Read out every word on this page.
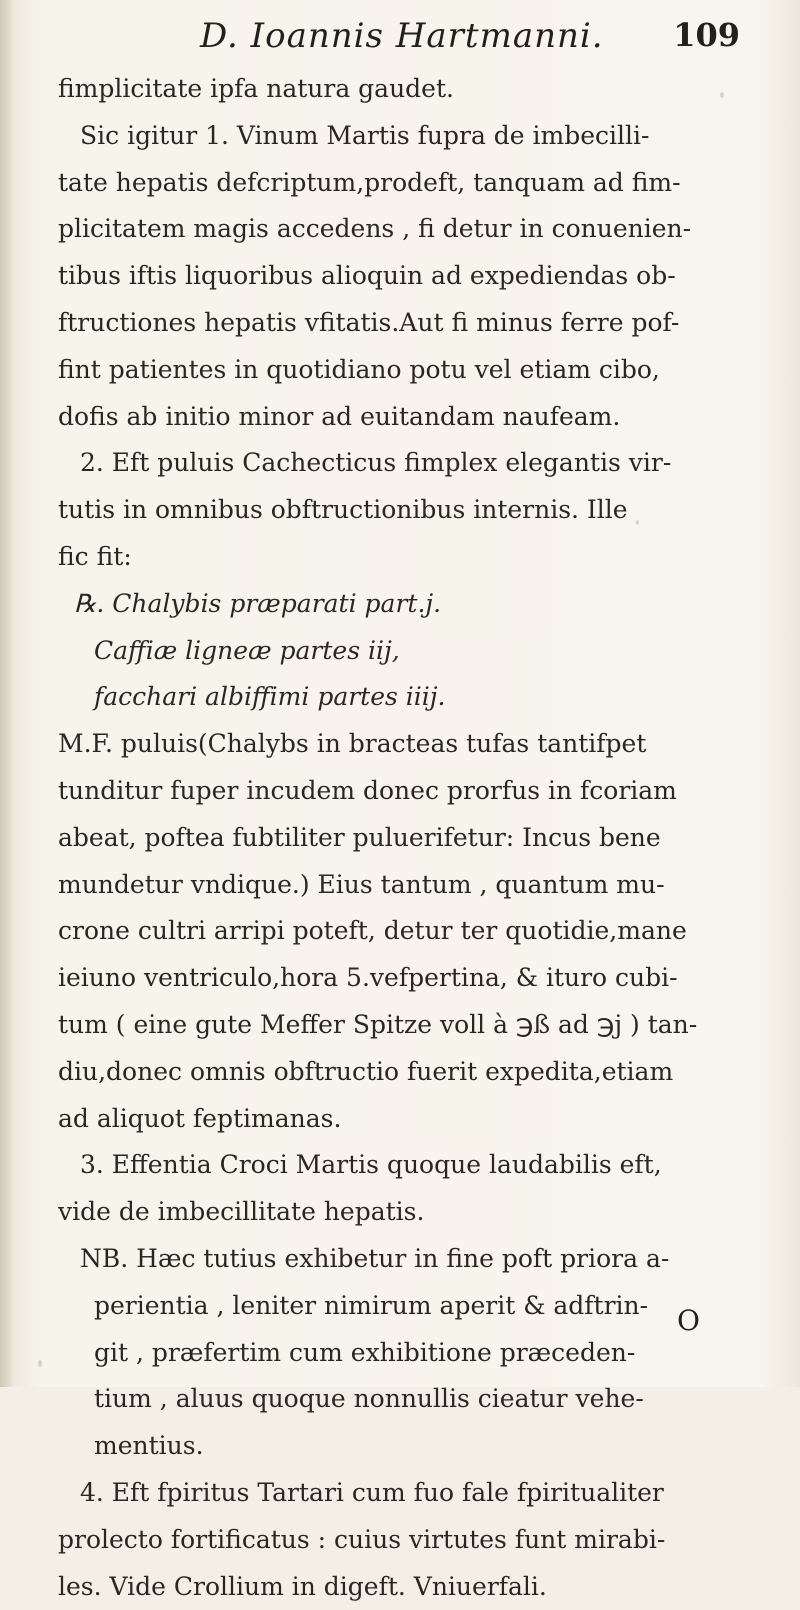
D. Ioannis Hartmanni. 109
fimplicitate ipfa natura gaudet.
Sic igitur 1. Vinum Martis fupra de imbecilli-
tate hepatis defcriptum,prodeft, tanquam ad fim-
plicitatem magis accedens , fi detur in conuenien-
tibus iftis liquoribus alioquin ad expediendas ob-
ftructiones hepatis vfitatis.Aut fi minus ferre pof-
fint patientes in quotidiano potu vel etiam cibo,
dofis ab initio minor ad euitandam naufeam.
2. Eft puluis Cachecticus fimplex elegantis vir-
tutis in omnibus obftructionibus internis. Ille
fic fit:
℞. Chalybis præparati part.j.
Caffiæ ligneæ partes iij,
facchari albiffimi partes iiij.
M.F. puluis(Chalybs in bracteas tufas tantifpet
tunditur fuper incudem donec prorfus in fcoriam
abeat, poftea fubtiliter puluerifetur: Incus bene
mundetur vndique.) Eius tantum , quantum mu-
crone cultri arripi poteft, detur ter quotidie,mane
ieiuno ventriculo,hora 5.vefpertina, & ituro cubi-
tum ( eine gute Meffer Spitze voll à ℈ß ad ℈j ) tan-
diu,donec omnis obftructio fuerit expedita,etiam
ad aliquot feptimanas.
3. Effentia Croci Martis quoque laudabilis eft,
vide de imbecillitate hepatis.
NB. Hæc tutius exhibetur in fine poft priora a-
perientia , leniter nimirum aperit & adftrin-
git , præfertim cum exhibitione præceden-
tium , aluus quoque nonnullis cieatur vehe-
mentius.
4. Eft fpiritus Tartari cum fuo fale fpiritualiter
prolecto fortificatus : cuius virtutes funt mirabi-
les. Vide Crollium in digeft. Vniuerfali.
O
